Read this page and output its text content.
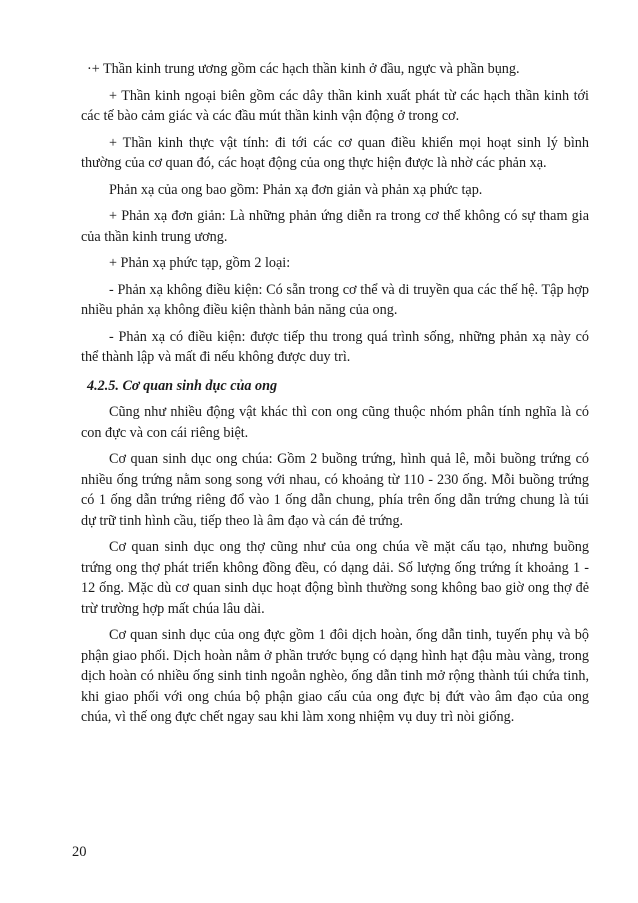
·+ Thần kinh trung ương gồm các hạch thần kinh ở đầu, ngực và phần bụng.

+ Thần kinh ngoại biên gồm các dây thần kinh xuất phát từ các hạch thần kinh tới các tế bào cảm giác và các đầu mút thần kinh vận động ở trong cơ.

+ Thần kinh thực vật tính: đi tới các cơ quan điều khiển mọi hoạt sinh lý bình thường của cơ quan đó, các hoạt động của ong thực hiện được là nhờ các phản xạ.

Phản xạ của ong bao gồm: Phản xạ đơn giản và phản xạ phức tạp.

+ Phản xạ đơn giản: Là những phản ứng diễn ra trong cơ thể không có sự tham gia của thần kinh trung ương.

+ Phản xạ phức tạp, gồm 2 loại:

- Phản xạ không điều kiện: Có sẵn trong cơ thể và di truyền qua các thế hệ. Tập hợp nhiều phản xạ không điều kiện thành bản năng của ong.

- Phản xạ có điều kiện: được tiếp thu trong quá trình sống, những phản xạ này có thể thành lập và mất đi nếu không được duy trì.

4.2.5. Cơ quan sinh dục của ong

Cũng như nhiều động vật khác thì con ong cũng thuộc nhóm phân tính nghĩa là có con đực và con cái riêng biệt.

Cơ quan sinh dục ong chúa: Gồm 2 buồng trứng, hình quả lê, mỗi buồng trứng có nhiều ống trứng nằm song song với nhau, có khoảng từ 110 - 230 ống. Mỗi buồng trứng có 1 ống dẫn trứng riêng đổ vào 1 ống dẫn chung, phía trên ống dẫn trứng chung là túi dự trữ tinh hình cầu, tiếp theo là âm đạo và cán đẻ trứng.

Cơ quan sinh dục ong thợ cũng như của ong chúa về mặt cấu tạo, nhưng buồng trứng ong thợ phát triển không đồng đều, có dạng dải. Số lượng ống trứng ít khoảng 1 - 12 ống. Mặc dù cơ quan sinh dục hoạt động bình thường song không bao giờ ong thợ đẻ trừ trường hợp mất chúa lâu dài.

Cơ quan sinh dục của ong đực gồm 1 đôi dịch hoàn, ống dẫn tinh, tuyến phụ và bộ phận giao phối. Dịch hoàn nằm ở phần trước bụng có dạng hình hạt đậu màu vàng, trong dịch hoàn có nhiều ống sinh tinh ngoằn nghèo, ống dẫn tinh mở rộng thành túi chứa tinh, khi giao phối với ong chúa bộ phận giao cấu của ong đực bị đứt vào âm đạo của ong chúa, vì thế ong đực chết ngay sau khi làm xong nhiệm vụ duy trì nòi giống.

20
